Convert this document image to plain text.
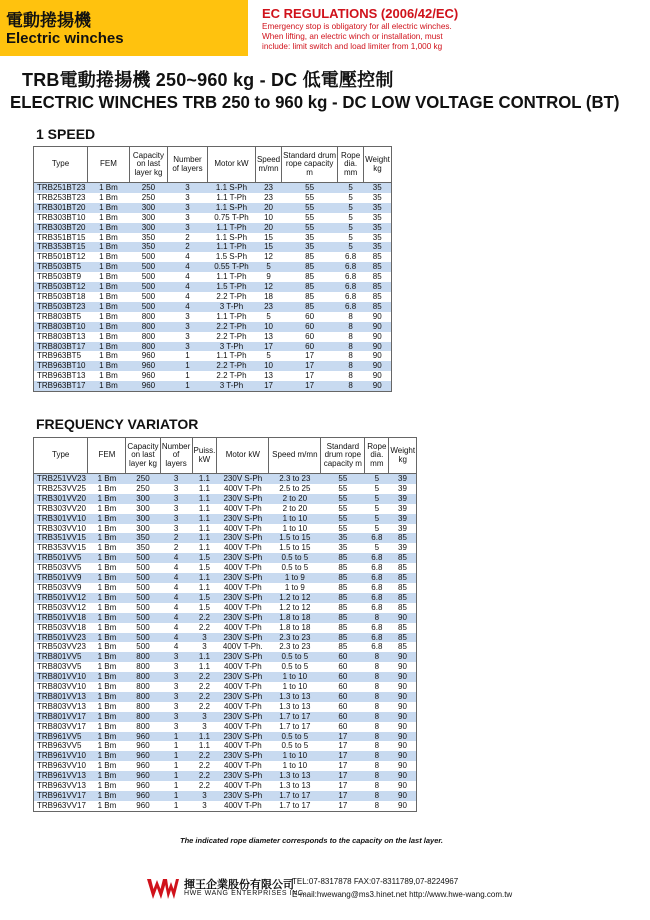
電動捲揚機
Electric winches
EC REGULATIONS (2006/42/EC)
Emergency stop is obligatory for all electric winches.
When lifting, an electric winch or installation, must
include: limit switch and load limiter from 1,000 kg
TRB電動捲揚機 250~960 kg - DC 低電壓控制
ELECTRIC WINCHES TRB 250 to 960 kg - DC LOW VOLTAGE CONTROL (BT)
1 SPEED
Type	FEM	Capacity on last layer kg	Number of layers	Motor kW	Speed m/mn	Standard drum rope capacity m	Rope dia. mm	Weight kg
TRB251BT23	1 Bm	250	3	1.1 S-Ph	23	55	5	35
TRB253BT23	1 Bm	250	3	1.1 T-Ph	23	55	5	35
TRB301BT20	1 Bm	300	3	1.1 S-Ph	20	55	5	35
TRB303BT10	1 Bm	300	3	0.75 T-Ph	10	55	5	35
TRB303BT20	1 Bm	300	3	1.1 T-Ph	20	55	5	35
TRB351BT15	1 Bm	350	2	1.1 S-Ph	15	35	5	35
TRB353BT15	1 Bm	350	2	1.1 T-Ph	15	35	5	35
TRB501BT12	1 Bm	500	4	1.5 S-Ph	12	85	6.8	85
TRB503BT5	1 Bm	500	4	0.55 T-Ph	5	85	6.8	85
TRB503BT9	1 Bm	500	4	1.1 T-Ph	9	85	6.8	85
TRB503BT12	1 Bm	500	4	1.5 T-Ph	12	85	6.8	85
TRB503BT18	1 Bm	500	4	2.2 T-Ph	18	85	6.8	85
TRB503BT23	1 Bm	500	4	3 T-Ph	23	85	6.8	85
TRB803BT5	1 Bm	800	3	1.1 T-Ph	5	60	8	90
TRB803BT10	1 Bm	800	3	2.2 T-Ph	10	60	8	90
TRB803BT13	1 Bm	800	3	2.2 T-Ph	13	60	8	90
TRB803BT17	1 Bm	800	3	3 T-Ph	17	60	8	90
TRB963BT5	1 Bm	960	1	1.1 T-Ph	5	17	8	90
TRB963BT10	1 Bm	960	1	2.2 T-Ph	10	17	8	90
TRB963BT13	1 Bm	960	1	2.2 T-Ph	13	17	8	90
TRB963BT17	1 Bm	960	1	3 T-Ph	17	17	8	90
FREQUENCY VARIATOR
Type	FEM	Capacity on last layer kg	Number of layers	Puiss. kW	Motor kW	Speed m/mn	Standard drum rope capacity m	Rope dia. mm	Weight kg
TRB251VV23	1 Bm	250	3	1.1	230V S-Ph	2.3 to 23	55	5	39
TRB253VV25	1 Bm	250	3	1.1	400V T-Ph	2.5 to 25	55	5	39
TRB301VV20	1 Bm	300	3	1.1	230V S-Ph	2 to 20	55	5	39
TRB303VV20	1 Bm	300	3	1.1	400V T-Ph	2 to 20	55	5	39
TRB301VV10	1 Bm	300	3	1.1	230V S-Ph	1 to 10	55	5	39
TRB303VV10	1 Bm	300	3	1.1	400V T-Ph	1 to 10	55	5	39
TRB351VV15	1 Bm	350	2	1.1	230V S-Ph	1.5 to 15	35	6.8	85
TRB353VV15	1 Bm	350	2	1.1	400V T-Ph	1.5 to 15	35	5	39
TRB501VV5	1 Bm	500	4	1.5	230V S-Ph	0.5 to 5	85	6.8	85
TRB503VV5	1 Bm	500	4	1.5	400V T-Ph	0.5 to 5	85	6.8	85
TRB501VV9	1 Bm	500	4	1.1	230V S-Ph	1 to 9	85	6.8	85
TRB503VV9	1 Bm	500	4	1.1	400V T-Ph	1 to 9	85	6.8	85
TRB501VV12	1 Bm	500	4	1.5	230V S-Ph	1.2 to 12	85	6.8	85
TRB503VV12	1 Bm	500	4	1.5	400V T-Ph	1.2 to 12	85	6.8	85
TRB501VV18	1 Bm	500	4	2.2	230V S-Ph	1.8 to 18	85	8	90
TRB503VV18	1 Bm	500	4	2.2	400V T-Ph	1.8 to 18	85	6.8	85
TRB501VV23	1 Bm	500	4	3	230V S-Ph	2.3 to 23	85	6.8	85
TRB503VV23	1 Bm	500	4	3	400V T-Ph.	2.3 to 23	85	6.8	85
TRB801VV5	1 Bm	800	3	1.1	230V S-Ph	0.5 to 5	60	8	90
TRB803VV5	1 Bm	800	3	1.1	400V T-Ph	0.5 to 5	60	8	90
TRB801VV10	1 Bm	800	3	2.2	230V S-Ph	1 to 10	60	8	90
TRB803VV10	1 Bm	800	3	2.2	400V T-Ph	1 to 10	60	8	90
TRB801VV13	1 Bm	800	3	2.2	230V S-Ph	1.3 to 13	60	8	90
TRB803VV13	1 Bm	800	3	2.2	400V T-Ph	1.3 to 13	60	8	90
TRB801VV17	1 Bm	800	3	3	230V S-Ph	1.7 to 17	60	8	90
TRB803VV17	1 Bm	800	3	3	400V T-Ph	1.7 to 17	60	8	90
TRB961VV5	1 Bm	960	1	1.1	230V S-Ph	0.5 to 5	17	8	90
TRB963VV5	1 Bm	960	1	1.1	400V T-Ph	0.5 to 5	17	8	90
TRB961VV10	1 Bm	960	1	2.2	230V S-Ph	1 to 10	17	8	90
TRB963VV10	1 Bm	960	1	2.2	400V T-Ph	1 to 10	17	8	90
TRB961VV13	1 Bm	960	1	2.2	230V S-Ph	1.3 to 13	17	8	90
TRB963VV13	1 Bm	960	1	2.2	400V T-Ph	1.3 to 13	17	8	90
TRB961VV17	1 Bm	960	1	3	230V S-Ph	1.7 to 17	17	8	90
TRB963VV17	1 Bm	960	1	3	400V T-Ph	1.7 to 17	17	8	90
The indicated rope diameter corresponds to the capacity on the last layer.
揮王企業股份有限公司
HWE WANG ENTERPRISES INC.
TEL:07-8317878 FAX:07-8311789,07-8224967
E-mail:hwewang@ms3.hinet.net http://www.hwe-wang.com.tw
